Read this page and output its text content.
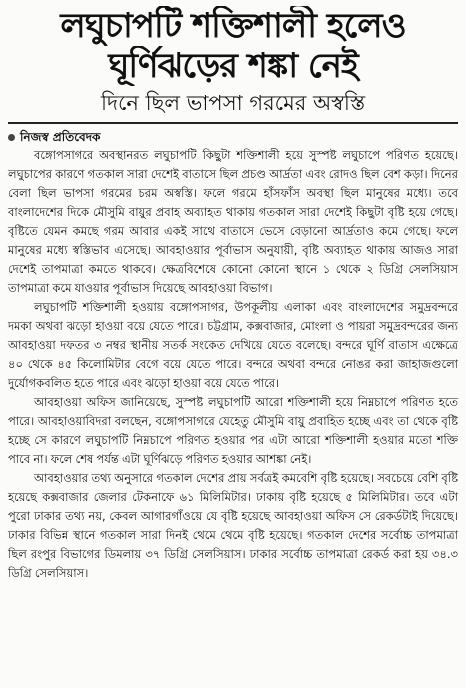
লঘুচাপটি শক্তিশালী হলেও
ঘূর্ণিঝড়ের শঙ্কা নেই
দিনে ছিল ভাপসা গরমের অস্বস্তি
নিজস্ব প্রতিবেদক

বঙ্গোপসাগরে অবস্থানরত লঘুচাপটি কিছুটা শক্তিশালী হয়ে সুস্পষ্ট লঘুচাপে পরিণত হয়েছে। লঘুচাপের কারণে গতকাল সারা দেশেই বাতাসে ছিল প্রচণ্ড আর্দ্রতা এবং রোদও ছিল বেশ কড়া। দিনের বেলা ছিল ভাপসা গরমের চরম অস্বস্তি। ফলে গরমে হাঁসফাঁস অবস্থা ছিল মানুষের মধ্যে। তবে বাংলাদেশের দিকে মৌসুমি বায়ুর প্রবাহ অব্যাহত থাকায় গতকাল সারা দেশেই কিছুটা বৃষ্টি হয়ে গেছে। বৃষ্টিতে যেমন কমছে গরম আবার একই সাথে বাতাসে ভেসে বেড়ানো আর্দ্রতাও কমে গেছে। ফলে মানুষের মধ্যে স্বস্তিভাব এসেছে। আবহাওয়ার পূর্বাভাস অনুযায়ী, বৃষ্টি অব্যাহত থাকায় আজও সারা দেশেই তাপমাত্রা কমতে থাকবে। ক্ষেত্রবিশেষে কোনো কোনো স্থানে ১ থেকে ২ ডিগ্রি সেলসিয়াস তাপমাত্রা কমে যাওয়ার পূর্বাভাস দিয়েছে আবহাওয়া বিভাগ।

লঘুচাপটি শক্তিশালী হওয়ায় বঙ্গোপসাগর, উপকূলীয় এলাকা এবং বাংলাদেশের সমুদ্রবন্দরে দমকা অথবা ঝড়ো হাওয়া বয়ে যেতে পারে। চট্টগ্রাম, কক্সবাজার, মোংলা ও পায়রা সমুদ্রবন্দরের জন্য আবহাওয়া দফতর ৩ নম্বর স্থানীয় সতর্ক সংকেত দেখিয়ে যেতে বলেছে। বন্দরে ঘূর্ণি বাতাস এক্ষেত্রে ৪০ থেকে ৪৫ কিলোমিটার বেগে বয়ে যেতে পারে। বন্দরে অথবা বন্দরে নোঙর করা জাহাজগুলো দুর্যোগকবলিত হতে পারে এবং ঝড়ো হাওয়া বয়ে যেতে পারে।

আবহাওয়া অফিস জানিয়েছে, সুস্পষ্ট লঘুচাপটি আরো শক্তিশালী হয়ে নিম্নচাপে পরিণত হতে পারে। আবহাওয়াবিদরা বলছেন, বঙ্গোপসাগরে যেহেতু মৌসুমি বায়ু প্রবাহিত হচ্ছে এবং তা থেকে বৃষ্টি হচ্ছে সে কারণে লঘুচাপটি নিম্নচাপে পরিণত হওয়ার পর এটা আরো শক্তিশালী হওয়ার মতো শক্তি পাবে না। ফলে শেষ পর্যন্ত এটা ঘূর্ণিঝড়ে পরিণত হওয়ার আশঙ্কা নেই।

আবহাওয়ার তথ্য অনুসারে গতকাল দেশের প্রায় সর্বত্রই কমবেশি বৃষ্টি হয়েছে। সবচেয়ে বেশি বৃষ্টি হয়েছে কক্সবাজার জেলার টেকনাফে ৬১ মিলিমিটার। ঢাকায় বৃষ্টি হয়েছে ৫ মিলিমিটার। তবে এটা পুরো ঢাকার তথ্য নয়, কেবল আগারগাঁওয়ে যে বৃষ্টি হয়েছে আবহাওয়া অফিস সে রেকর্ডটাই দিয়েছে। ঢাকার বিভিন্ন স্থানে গতকাল সারা দিনই থেমে থেমে বৃষ্টি হয়েছে। গতকাল দেশের সর্বোচ্চ তাপমাত্রা ছিল রংপুর বিভাগের ডিমলায় ৩৭ ডিগ্রি সেলসিয়াস। ঢাকার সর্বোচ্চ তাপমাত্রা রেকর্ড করা হয় ৩৪.৩ ডিগ্রি সেলসিয়াস।
